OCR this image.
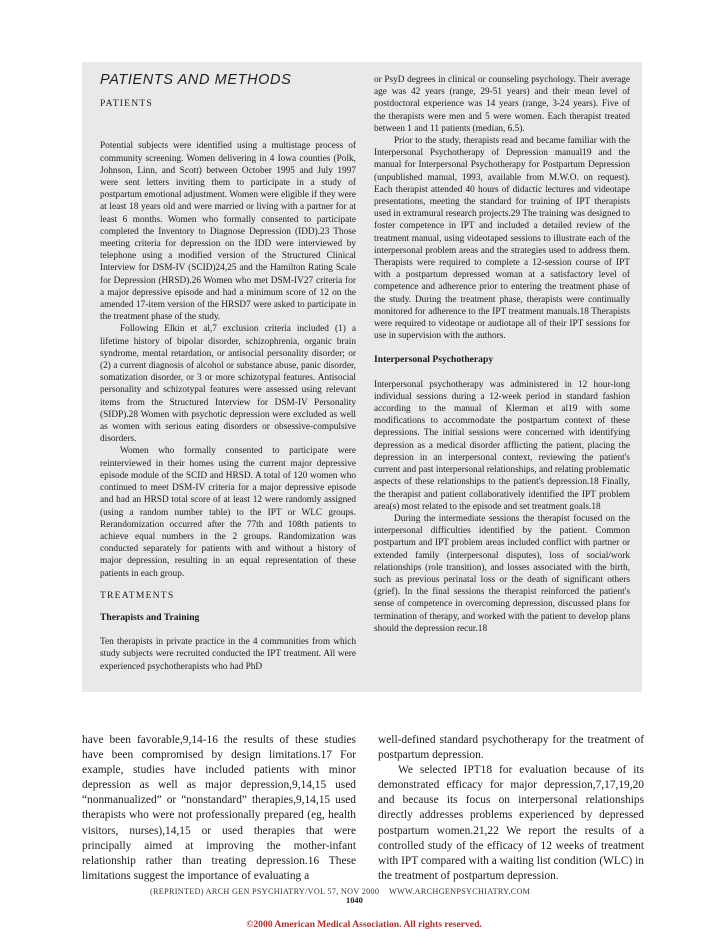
PATIENTS AND METHODS
PATIENTS

Potential subjects were identified using a multistage process of community screening. Women delivering in 4 Iowa counties (Polk, Johnson, Linn, and Scott) between October 1995 and July 1997 were sent letters inviting them to participate in a study of postpartum emotional adjustment. Women were eligible if they were at least 18 years old and were married or living with a partner for at least 6 months. Women who formally consented to participate completed the Inventory to Diagnose Depression (IDD).23 Those meeting criteria for depression on the IDD were interviewed by telephone using a modified version of the Structured Clinical Interview for DSM-IV (SCID)24,25 and the Hamilton Rating Scale for Depression (HRSD).26 Women who met DSM-IV27 criteria for a major depressive episode and had a minimum score of 12 on the amended 17-item version of the HRSD7 were asked to participate in the treatment phase of the study.

Following Elkin et al,7 exclusion criteria included (1) a lifetime history of bipolar disorder, schizophrenia, organic brain syndrome, mental retardation, or antisocial personality disorder; or (2) a current diagnosis of alcohol or substance abuse, panic disorder, somatization disorder, or 3 or more schizotypal features. Antisocial personality and schizotypal features were assessed using relevant items from the Structured Interview for DSM-IV Personality (SIDP).28 Women with psychotic depression were excluded as well as women with serious eating disorders or obsessive-compulsive disorders.

Women who formally consented to participate were reinterviewed in their homes using the current major depressive episode module of the SCID and HRSD. A total of 120 women who continued to meet DSM-IV criteria for a major depressive episode and had an HRSD total score of at least 12 were randomly assigned (using a random number table) to the IPT or WLC groups. Rerandomization occurred after the 77th and 108th patients to achieve equal numbers in the 2 groups. Randomization was conducted separately for patients with and without a history of major depression, resulting in an equal representation of these patients in each group.

TREATMENTS
Therapists and Training

Ten therapists in private practice in the 4 communities from which study subjects were recruited conducted the IPT treatment. All were experienced psychotherapists who had PhD

or PsyD degrees in clinical or counseling psychology. Their average age was 42 years (range, 29-51 years) and their mean level of postdoctoral experience was 14 years (range, 3-24 years). Five of the therapists were men and 5 were women. Each therapist treated between 1 and 11 patients (median, 6.5).

Prior to the study, therapists read and became familiar with the Interpersonal Psychotherapy of Depression manual19 and the manual for Interpersonal Psychotherapy for Postpartum Depression (unpublished manual, 1993, available from M.W.O. on request). Each therapist attended 40 hours of didactic lectures and videotape presentations, meeting the standard for training of IPT therapists used in extramural research projects.29 The training was designed to foster competence in IPT and included a detailed review of the treatment manual, using videotaped sessions to illustrate each of the interpersonal problem areas and the strategies used to address them. Therapists were required to complete a 12-session course of IPT with a postpartum depressed woman at a satisfactory level of competence and adherence prior to entering the treatment phase of the study. During the treatment phase, therapists were continually monitored for adherence to the IPT treatment manuals.18 Therapists were required to videotape or audiotape all of their IPT sessions for use in supervision with the authors.

Interpersonal Psychotherapy

Interpersonal psychotherapy was administered in 12 hour-long individual sessions during a 12-week period in standard fashion according to the manual of Klerman et al19 with some modifications to accommodate the postpartum context of these depressions. The initial sessions were concerned with identifying depression as a medical disorder afflicting the patient, placing the depression in an interpersonal context, reviewing the patient's current and past interpersonal relationships, and relating problematic aspects of these relationships to the patient's depression.18 Finally, the therapist and patient collaboratively identified the IPT problem area(s) most related to the episode and set treatment goals.18

During the intermediate sessions the therapist focused on the interpersonal difficulties identified by the patient. Common postpartum and IPT problem areas included conflict with partner or extended family (interpersonal disputes), loss of social/work relationships (role transition), and losses associated with the birth, such as previous perinatal loss or the death of significant others (grief). In the final sessions the therapist reinforced the patient's sense of competence in overcoming depression, discussed plans for termination of therapy, and worked with the patient to develop plans should the depression recur.18

have been favorable,9,14-16 the results of these studies have been compromised by design limitations.17 For example, studies have included patients with minor depression as well as major depression,9,14,15 used “nonmanualized” or “nonstandard” therapies,9,14,15 used therapists who were not professionally prepared (eg, health visitors, nurses),14,15 or used therapies that were principally aimed at improving the mother-infant relationship rather than treating depression.16 These limitations suggest the importance of evaluating a

well-defined standard psychotherapy for the treatment of postpartum depression.

We selected IPT18 for evaluation because of its demonstrated efficacy for major depression,7,17,19,20 and because its focus on interpersonal relationships directly addresses problems experienced by depressed postpartum women.21,22 We report the results of a controlled study of the efficacy of 12 weeks of treatment with IPT compared with a waiting list condition (WLC) in the treatment of postpartum depression.

(REPRINTED) ARCH GEN PSYCHIATRY/VOL 57, NOV 2000 WWW.ARCHGENPSYCHIATRY.COM
1040
©2000 American Medical Association. All rights reserved.
